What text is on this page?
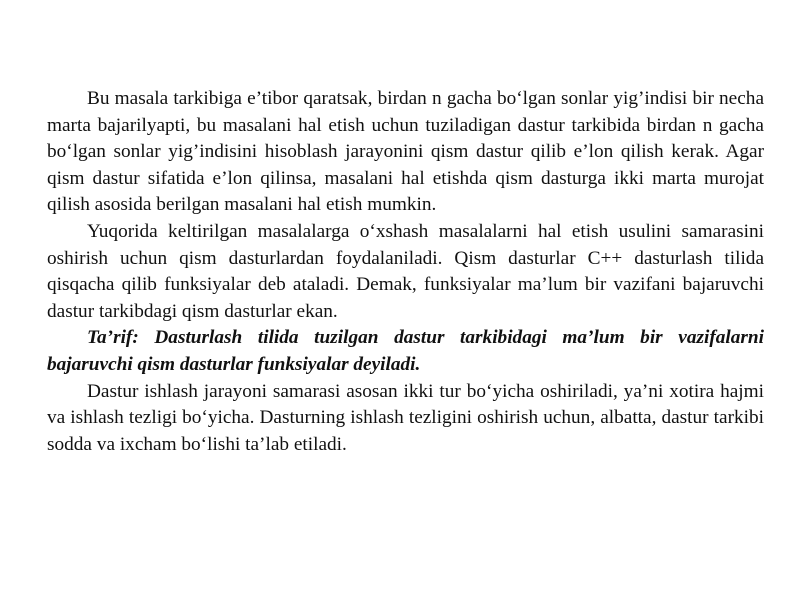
Bu masala tarkibiga e’tibor qaratsak, birdan n gacha bo‘lgan sonlar yig’indisi bir necha marta bajarilyapti, bu masalani hal etish uchun tuziladigan dastur tarkibida birdan n gacha bo‘lgan sonlar yig’indisini hisoblash jarayonini qism dastur qilib e’lon qilish kerak. Agar qism dastur sifatida e’lon qilinsa, masalani hal etishda qism dasturga ikki marta murojat qilish asosida berilgan masalani hal etish mumkin.

Yuqorida keltirilgan masalalarga o‘xshash masalalarni hal etish usulini samarasini oshirish uchun qism dasturlardan foydalaniladi. Qism dasturlar C++ dasturlash tilida qisqacha qilib funksiyalar deb ataladi. Demak, funksiyalar ma’lum bir vazifani bajaruvchi dastur tarkibdagi qism dasturlar ekan.

Ta’rif: Dasturlash tilida tuzilgan dastur tarkibidagi ma’lum bir vazifalarni bajaruvchi qism dasturlar funksiyalar deyiladi.

Dastur ishlash jarayoni samarasi asosan ikki tur bo‘yicha oshiriladi, ya’ni xotira hajmi va ishlash tezligi bo‘yicha. Dasturning ishlash tezligini oshirish uchun, albatta, dastur tarkibi sodda va ixcham bo‘lishi ta’lab etiladi.
